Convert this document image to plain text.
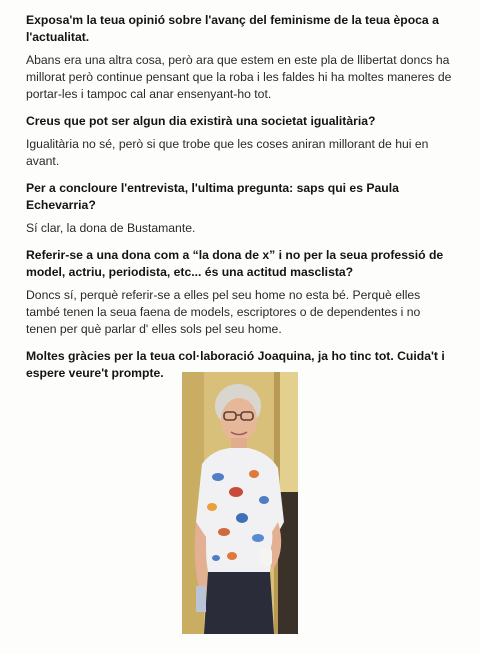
Exposa'm la teua opinió sobre l'avanç del feminisme de la teua època a l'actualitat.

Abans era una altra cosa, però ara que estem en este pla de llibertat doncs ha millorat però continue pensant que la roba i les faldes hi ha moltes maneres de portar-les i tampoc cal anar ensenyant-ho tot.

Creus que pot ser algun dia existirà una societat igualitària?

Igualitària no sé, però si que trobe que les coses aniran millorant de hui en avant.

Per a concloure l'entrevista, l'ultima pregunta: saps qui es Paula Echevarria?

Sí clar, la dona de Bustamante.

Referir-se a una dona com a “la dona de x” i no per la seua professió de model, actriu, periodista, etc... és una actitud masclista?

Doncs sí, perquè referir-se a elles pel seu home no esta bé. Perquè elles també tenen la seua faena de models, escriptores o de dependentes i no tenen per què parlar d' elles sols pel seu home.

Moltes gràcies per la teua col·laboració Joaquina, ja ho tinc tot. Cuida't i espere veure't prompte.
